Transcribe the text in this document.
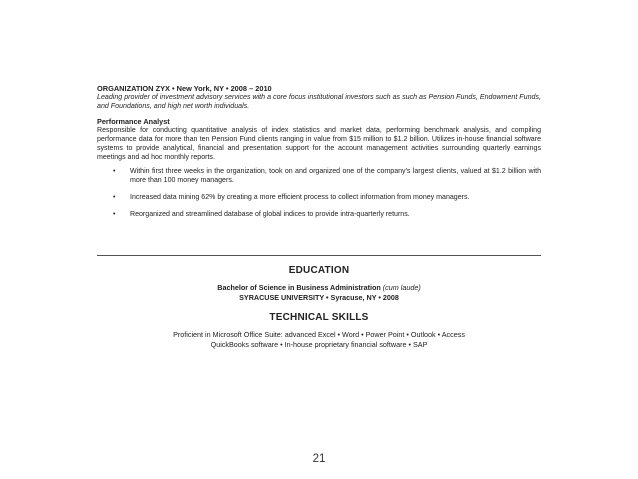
ORGANIZATION ZYX • New York, NY • 2008 – 2010

Leading provider of investment advisory services with a core focus institutional investors such as such as Pension Funds, Endowment Funds, and Foundations, and high net worth individuals.

Performance Analyst

Responsible for conducting quantitative analysis of index statistics and market data, performing benchmark analysis, and compiling performance data for more than ten Pension Fund clients ranging in value from $15 million to $1.2 billion. Utilizes in-house financial software systems to provide analytical, financial and presentation support for the account management activities surrounding quarterly earnings meetings and ad hoc monthly reports.

• Within first three weeks in the organization, took on and organized one of the company's largest clients, valued at $1.2 billion with more than 100 money managers.
• Increased data mining 62% by creating a more efficient process to collect information from money managers.
• Reorganized and streamlined database of global indices to provide intra-quarterly returns.

EDUCATION

Bachelor of Science in Business Administration (cum laude)

SYRACUSE UNIVERSITY • Syracuse, NY • 2008

TECHNICAL SKILLS

Proficient in Microsoft Office Suite: advanced Excel • Word • Power Point • Outlook • Access

QuickBooks software • In-house proprietary financial software • SAP

21
